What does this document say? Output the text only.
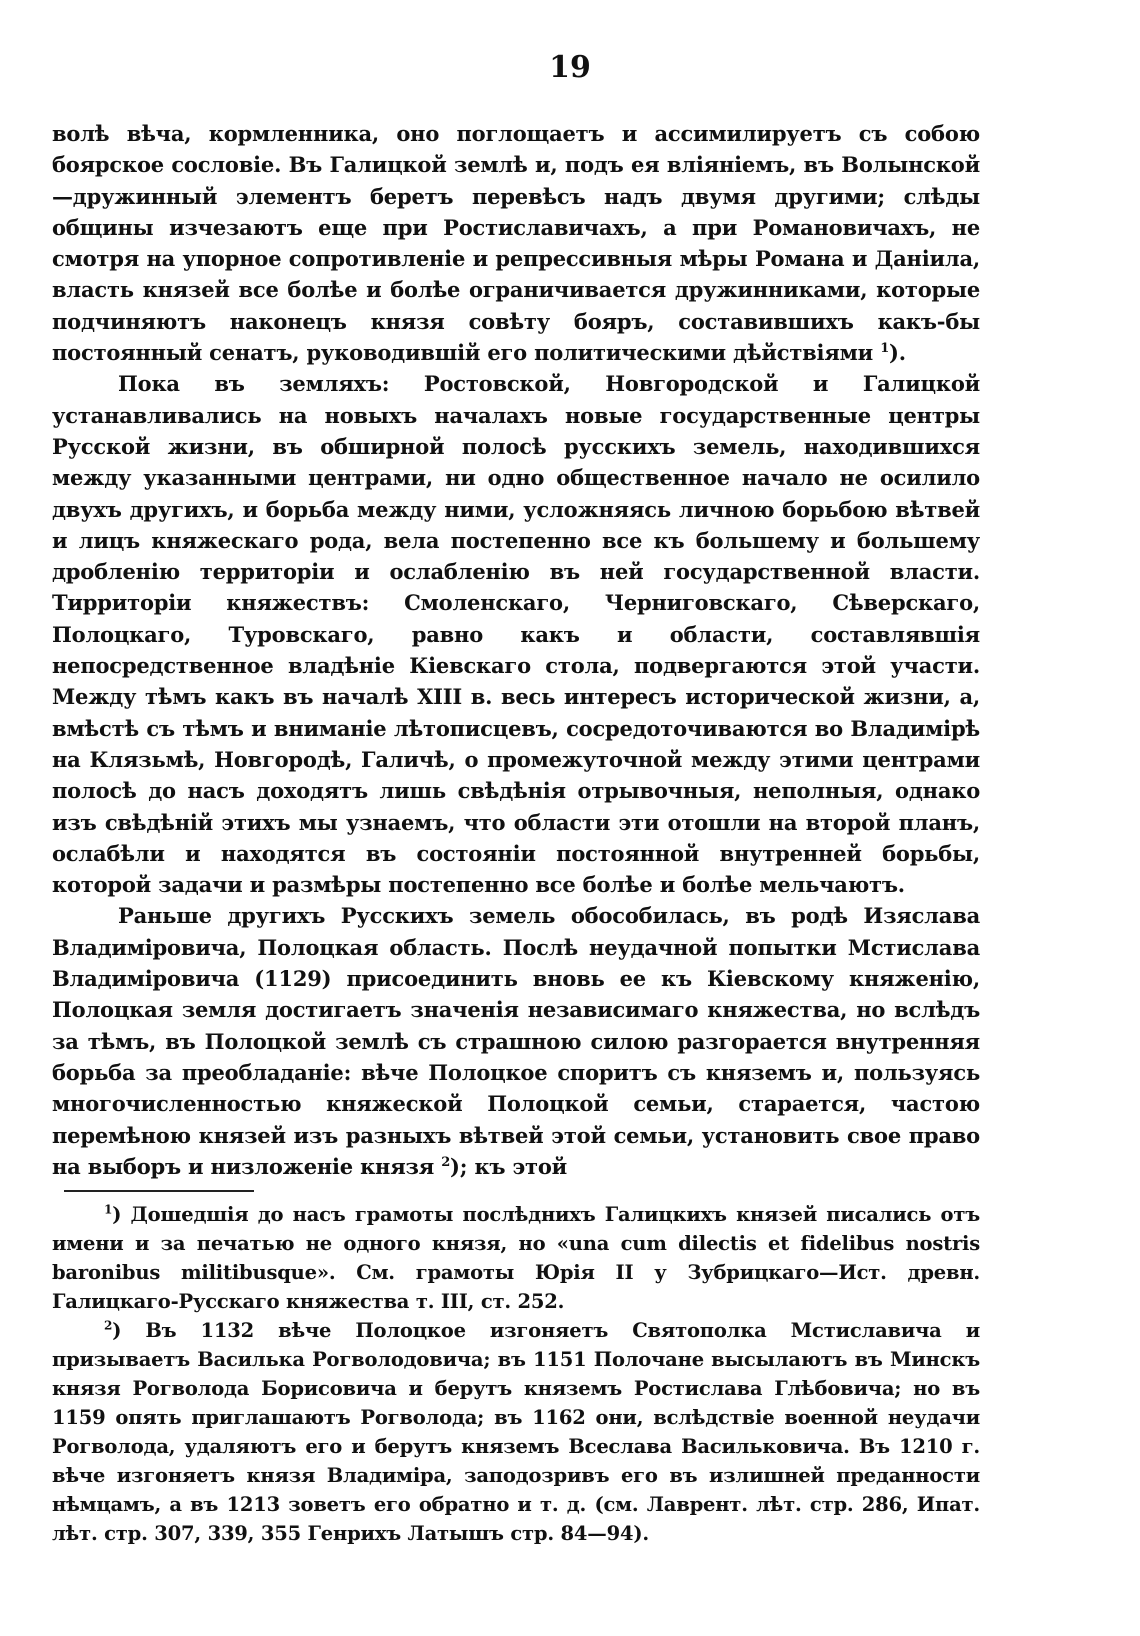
19

волѣ вѣча, кормленника, оно поглощаетъ и ассимилируетъ съ собою боярское сословіе. Въ Галицкой землѣ и, подъ ея вліяніемъ, въ Волынской—дружинный элементъ беретъ перевѣсъ надъ двумя другими; слѣды общины изчезаютъ еще при Ростиславичахъ, а при Романовичахъ, не смотря на упорное сопротивленіе и репрессивныя мѣры Романа и Даніила, власть князей все болѣе и болѣе ограничивается дружинниками, которые подчиняютъ наконецъ князя совѣту бояръ, составившихъ какъ-бы постоянный сенатъ, руководившій его политическими дѣйствіями $^1$).

Пока въ земляхъ: Ростовской, Новгородской и Галицкой устанавливались на новыхъ началахъ новые государственные центры Русской жизни, въ обширной полосѣ русскихъ земель, находившихся между указанными центрами, ни одно общественное начало не осилило двухъ другихъ, и борьба между ними, усложняясь личною борьбою вѣтвей и лицъ княжескаго рода, вела постепенно все къ большему и большему дробленію территоріи и ослабленію въ ней государственной власти. Тирриторіи княжествъ: Смоленскаго, Черниговскаго, Сѣверскаго, Полоцкаго, Туровскаго, равно какъ и области, составлявшія непосредственное владѣніе Кіевскаго стола, подвергаются этой участи. Между тѣмъ какъ въ началѣ XIII в. весь интересъ исторической жизни, а, вмѣстѣ съ тѣмъ и вниманіе лѣтописцевъ, сосредоточиваются во Владимірѣ на Клязьмѣ, Новгородѣ, Галичѣ, о промежуточной между этими центрами полосѣ до насъ доходятъ лишь свѣдѣнія отрывочныя, неполныя, однако изъ свѣдѣній этихъ мы узнаемъ, что области эти отошли на второй планъ, ослабѣли и находятся въ состояніи постоянной внутренней борьбы, которой задачи и размѣры постепенно все болѣе и болѣе мельчаютъ.

Раньше другихъ Русскихъ земель обособилась, въ родѣ Изяслава Владиміровича, Полоцкая область. Послѣ неудачной попытки Мстислава Владиміровича (1129) присоединить вновь ее къ Кіевскому княженію, Полоцкая земля достигаетъ значенія независимаго княжества, но вслѣдъ за тѣмъ, въ Полоцкой землѣ съ страшною силою разгорается внутренняя борьба за преобладаніе: вѣче Полоцкое споритъ съ княземъ и, пользуясь многочисленностью княжеской Полоцкой семьи, старается, частою перемѣною князей изъ разныхъ вѣтвей этой семьи, установить свое право на выборъ и низложеніе князя $^2$); къ этой

$^1$) Дошедшія до насъ грамоты послѣднихъ Галицкихъ князей писались отъ имени и за печатью не одного князя, но «una cum dilectis et fidelibus nostris baronibus militibusque». См. грамоты Юрія II у Зубрицкаго—Ист. древн. Галицкаго-Русскаго княжества т. III, ст. 252.

$^2$) Въ 1132 вѣче Полоцкое изгоняетъ Святополка Мстиславича и призываетъ Василька Рогволодовича; въ 1151 Полочане высылаютъ въ Минскъ князя Рогволода Борисовича и берутъ княземъ Ростислава Глѣбовича; но въ 1159 опять приглашаютъ Рогволода; въ 1162 они, вслѣдствіе военной неудачи Рогволода, удаляютъ его и берутъ княземъ Всеслава Васильковича. Въ 1210 г. вѣче изгоняетъ князя Владиміра, заподозривъ его въ излишней преданности нѣмцамъ, а въ 1213 зоветъ его обратно и т. д. (см. Лаврент. лѣт. стр. 286, Ипат. лѣт. стр. 307, 339, 355 Генрихъ Латышъ стр. 84—94).
